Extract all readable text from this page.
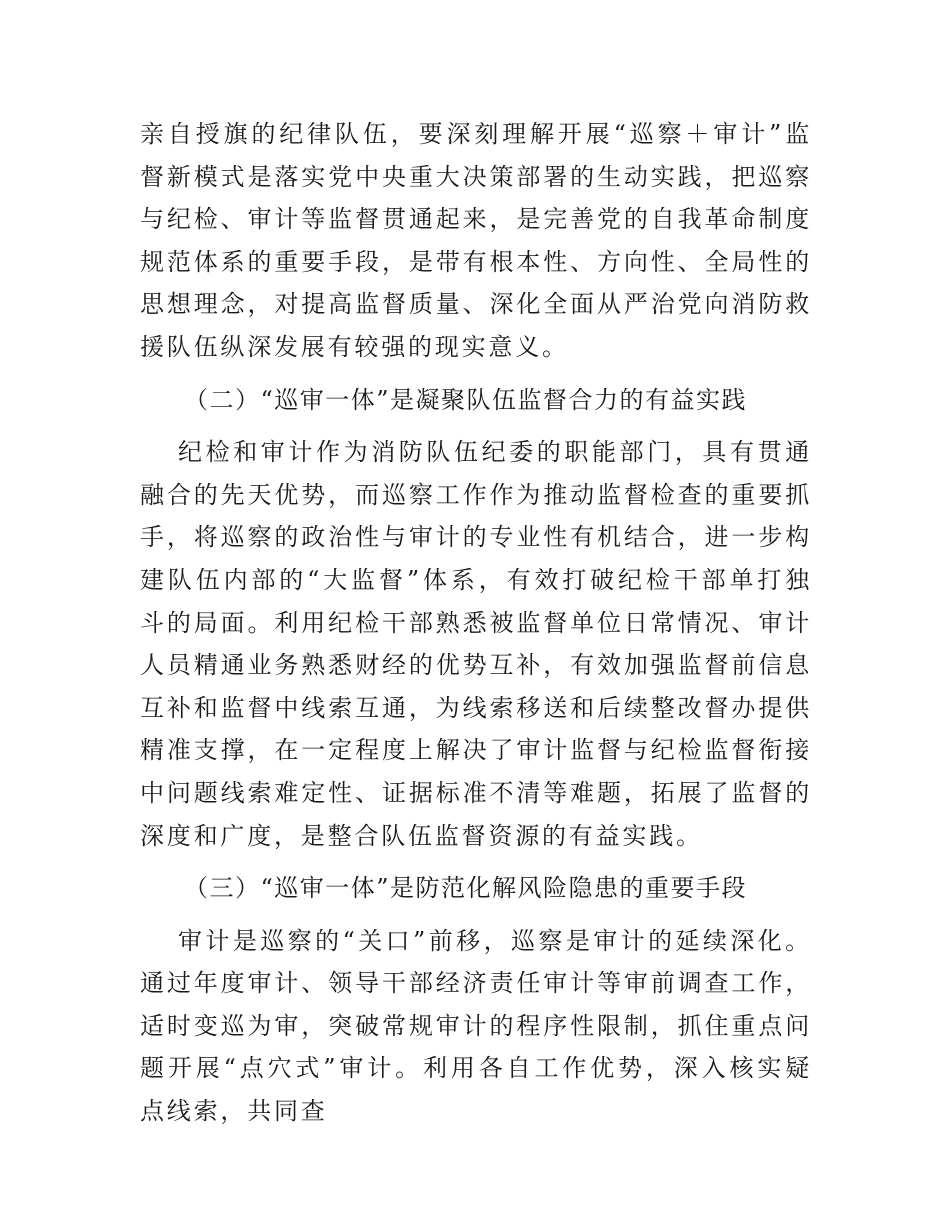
亲自授旗的纪律队伍，要深刻理解开展“巡察＋审计”监督新模式是落实党中央重大决策部署的生动实践，把巡察与纪检、审计等监督贯通起来，是完善党的自我革命制度规范体系的重要手段，是带有根本性、方向性、全局性的思想理念，对提高监督质量、深化全面从严治党向消防救援队伍纵深发展有较强的现实意义。

（二）“巡审一体”是凝聚队伍监督合力的有益实践

纪检和审计作为消防队伍纪委的职能部门，具有贯通融合的先天优势，而巡察工作作为推动监督检查的重要抓手，将巡察的政治性与审计的专业性有机结合，进一步构建队伍内部的“大监督”体系，有效打破纪检干部单打独斗的局面。利用纪检干部熟悉被监督单位日常情况、审计人员精通业务熟悉财经的优势互补，有效加强监督前信息互补和监督中线索互通，为线索移送和后续整改督办提供精准支撑，在一定程度上解决了审计监督与纪检监督衔接中问题线索难定性、证据标准不清等难题，拓展了监督的深度和广度，是整合队伍监督资源的有益实践。

（三）“巡审一体”是防范化解风险隐患的重要手段

审计是巡察的“关口”前移，巡察是审计的延续深化。通过年度审计、领导干部经济责任审计等审前调查工作，适时变巡为审，突破常规审计的程序性限制，抓住重点问题开展“点穴式”审计。利用各自工作优势，深入核实疑点线索，共同查
